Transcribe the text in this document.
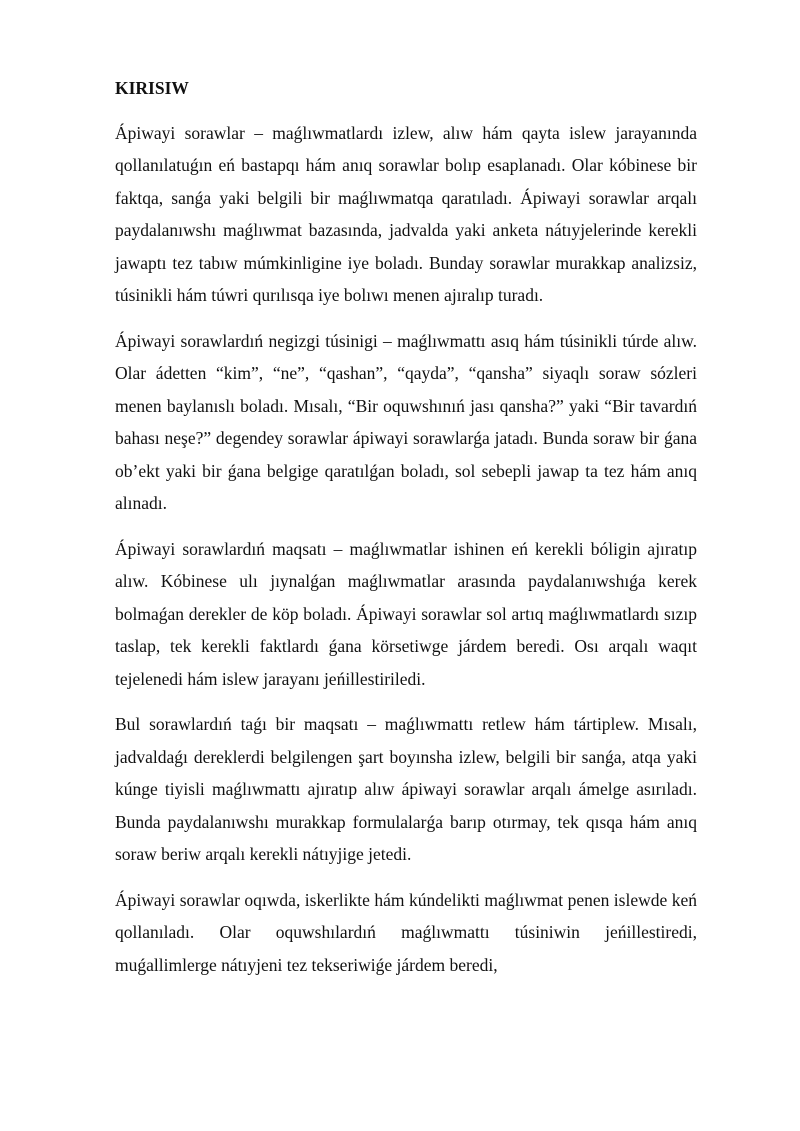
KIRISIW

Ápiwayi sorawlar – maǵlıwmatlardı izlew, alıw hám qayta islew jarayanında qollanılatuǵın eń bastapqı hám anıq sorawlar bolıp esaplanadı. Olar kóbinese bir faktqa, sanǵa yaki belgili bir maǵlıwmatqa qaratıladı. Ápiwayi sorawlar arqalı paydalanıwshı maǵlıwmat bazasında, jadvalda yaki anketa nátıyjelerinde kerekli jawaptı tez tabıw múmkinligine iye boladı. Bunday sorawlar murakkap analizsiz, túsinikli hám túwri qurılısqa iye bolıwı menen ajıralıp turadı.

Ápiwayi sorawlardıń negizgi túsinigi – maǵlıwmattı asıq hám túsinikli túrde alıw. Olar ádetten “kim”, “ne”, “qashan”, “qayda”, “qansha” siyaqlı soraw sózleri menen baylanıslı boladı. Mısalı, “Bir oquwshınıń jası qansha?” yaki “Bir tavardıń bahası neşe?” degendey sorawlar ápiwayi sorawlarǵa jatadı. Bunda soraw bir ǵana ob’ekt yaki bir ǵana belgige qaratılǵan boladı, sol sebepli jawap ta tez hám anıq alınadı.

Ápiwayi sorawlardıń maqsatı – maǵlıwmatlar ishinen eń kerekli bóligin ajıratıp alıw. Kóbinese ulı jıynalǵan maǵlıwmatlar arasında paydalanıwshıǵa kerek bolmaǵan derekler de köp boladı. Ápiwayi sorawlar sol artıq maǵlıwmatlardı sızıp taslap, tek kerekli faktlardı ǵana körsetiwge járdem beredi. Osı arqalı waqıt tejelenedi hám islew jarayanı jeńillestiriledi.

Bul sorawlardıń taǵı bir maqsatı – maǵlıwmattı retlew hám tártiplew. Mısalı, jadvaldaǵı dereklerdi belgilengen şart boyınsha izlew, belgili bir sanǵa, atqa yaki kúnge tiyisli maǵlıwmattı ajıratıp alıw ápiwayi sorawlar arqalı ámelge asırıladı. Bunda paydalanıwshı murakkap formulalarǵa barıp otırmay, tek qısqa hám anıq soraw beriw arqalı kerekli nátıyjige jetedi.

Ápiwayi sorawlar oqıwda, iskerlikte hám kúndelikti maǵlıwmat penen islewde keń qollanıladı. Olar oquwshılardıń maǵlıwmattı túsiniwin jeńillestiredi, muǵallimlerge nátıyjeni tez tekseriwiǵe járdem beredi,
